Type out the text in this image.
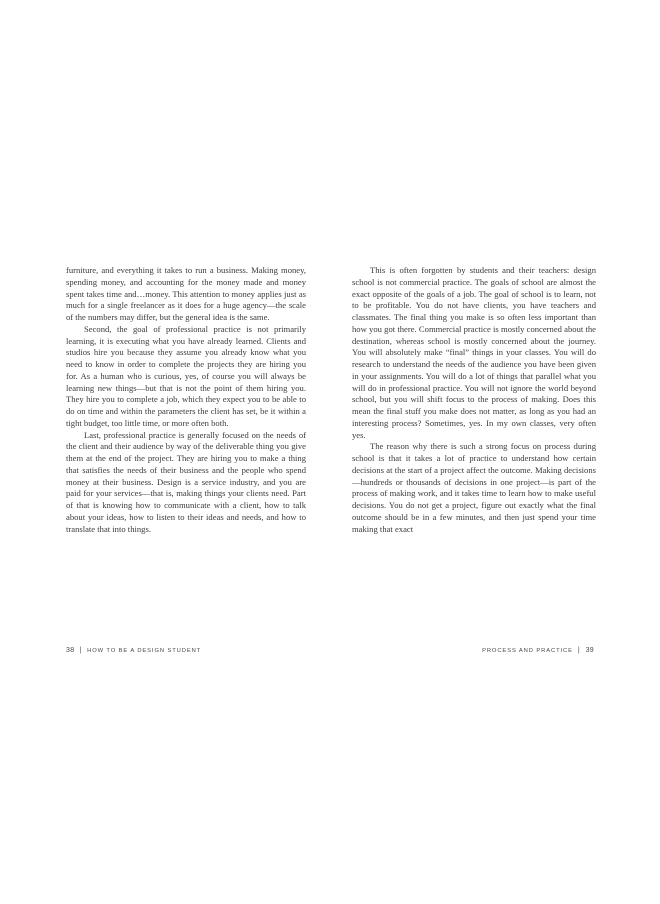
furniture, and everything it takes to run a business. Making money, spending money, and accounting for the money made and money spent takes time and…money. This attention to money applies just as much for a single freelancer as it does for a huge agency—the scale of the numbers may differ, but the general idea is the same.

Second, the goal of professional practice is not primarily learning, it is executing what you have already learned. Clients and studios hire you because they assume you already know what you need to know in order to complete the projects they are hiring you for. As a human who is curious, yes, of course you will always be learning new things—but that is not the point of them hiring you. They hire you to complete a job, which they expect you to be able to do on time and within the parameters the client has set, be it within a tight budget, too little time, or more often both.

Last, professional practice is generally focused on the needs of the client and their audience by way of the deliverable thing you give them at the end of the project. They are hiring you to make a thing that satisfies the needs of their business and the people who spend money at their business. Design is a service industry, and you are paid for your services—that is, making things your clients need. Part of that is knowing how to communicate with a client, how to talk about your ideas, how to listen to their ideas and needs, and how to translate that into things.

38 | HOW TO BE A DESIGN STUDENT

This is often forgotten by students and their teachers: design school is not commercial practice. The goals of school are almost the exact opposite of the goals of a job. The goal of school is to learn, not to be profitable. You do not have clients, you have teachers and classmates. The final thing you make is so often less important than how you got there. Commercial practice is mostly concerned about the destination, whereas school is mostly concerned about the journey. You will absolutely make “final” things in your classes. You will do research to understand the needs of the audience you have been given in your assignments. You will do a lot of things that parallel what you will do in professional practice. You will not ignore the world beyond school, but you will shift focus to the process of making. Does this mean the final stuff you make does not matter, as long as you had an interesting process? Sometimes, yes. In my own classes, very often yes.

The reason why there is such a strong focus on process during school is that it takes a lot of practice to understand how certain decisions at the start of a project affect the outcome. Making decisions—hundreds or thousands of decisions in one project—is part of the process of making work, and it takes time to learn how to make useful decisions. You do not get a project, figure out exactly what the final outcome should be in a few minutes, and then just spend your time making that exact

PROCESS AND PRACTICE | 39
